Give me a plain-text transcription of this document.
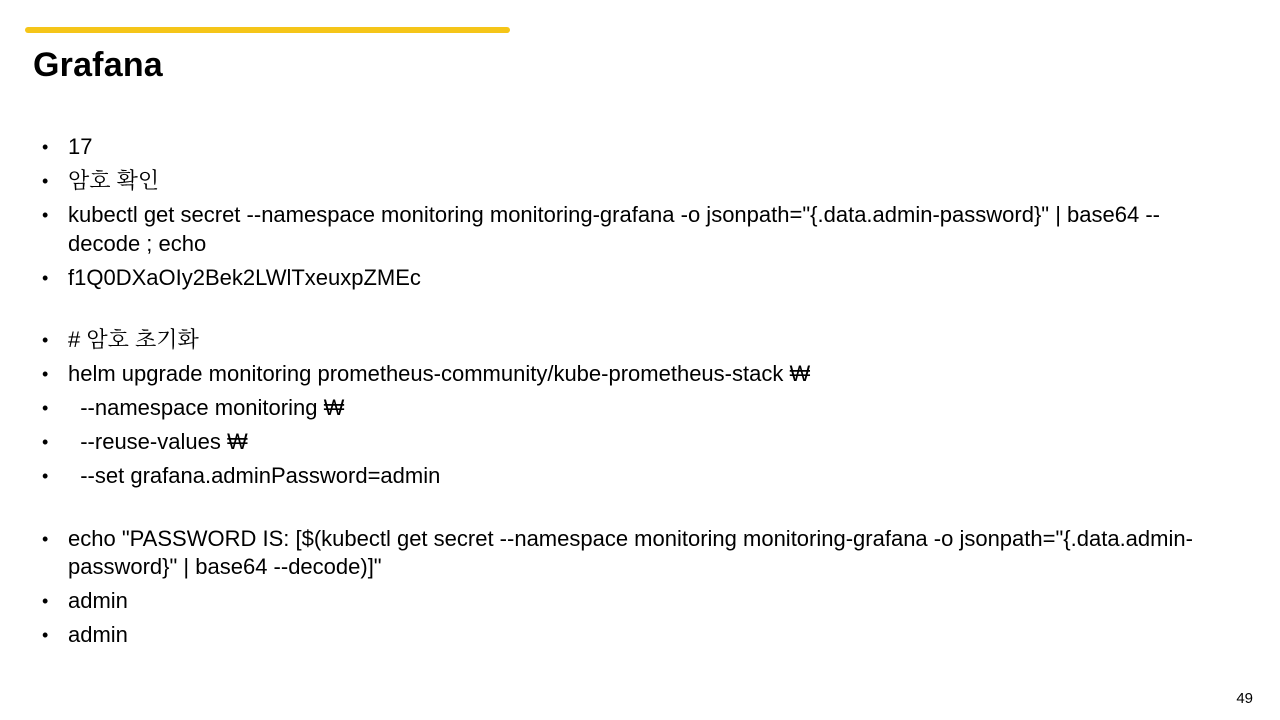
Grafana
• 17
• 암호 확인
• kubectl get secret --namespace monitoring monitoring-grafana -o jsonpath="{.data.admin-password}" | base64 --decode ; echo
• f1Q0DXaOIy2Bek2LWlTxeuxpZMEc
• # 암호 초기화
• helm upgrade monitoring prometheus-community/kube-prometheus-stack ₩
•   --namespace monitoring ₩
•   --reuse-values ₩
•   --set grafana.adminPassword=admin
• echo "PASSWORD IS: [$(kubectl get secret --namespace monitoring monitoring-grafana -o jsonpath="{.data.admin-password}" | base64 --decode)]"
• admin
• admin
49
